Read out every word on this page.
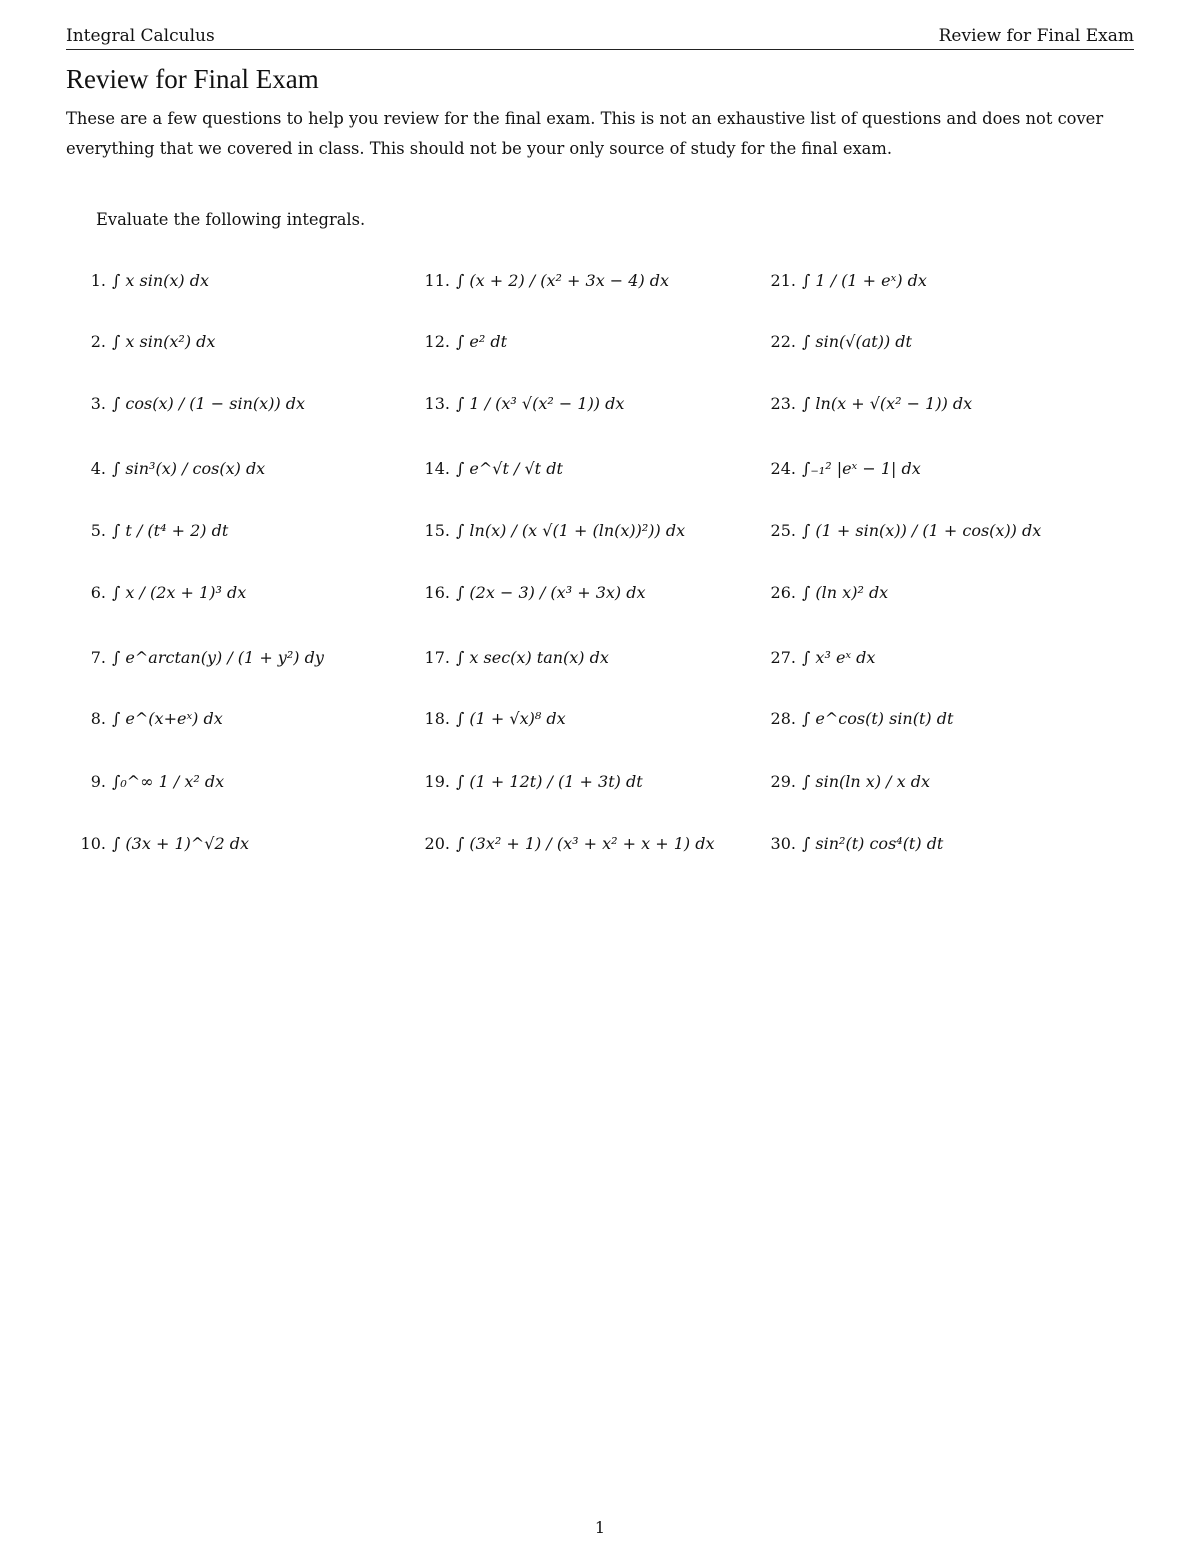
Integral Calculus	Review for Final Exam
Review for Final Exam
These are a few questions to help you review for the final exam. This is not an exhaustive list of questions and does not cover everything that we covered in class. This should not be your only source of study for the final exam.
Evaluate the following integrals.
1. ∫ x sin(x) dx
2. ∫ x sin(x²) dx
3. ∫ cos(x) / (1 − sin(x)) dx
4. ∫ sin³(x) / cos(x) dx
5. ∫ t / (t⁴ + 2) dt
6. ∫ x / (2x + 1)³ dx
7. ∫ e^arctan(y) / (1 + y²) dy
8. ∫ e^(x+eˣ) dx
9. ∫₀^∞ 1 / x² dx
10. ∫ (3x + 1)^√2 dx
11. ∫ (x + 2) / (x² + 3x − 4) dx
12. ∫ e² dt
13. ∫ 1 / (x³ √(x² − 1)) dx
14. ∫ e^√t / √t dt
15. ∫ ln(x) / (x √(1 + (ln(x))²)) dx
16. ∫ (2x − 3) / (x³ + 3x) dx
17. ∫ x sec(x) tan(x) dx
18. ∫ (1 + √x)⁸ dx
19. ∫ (1 + 12t) / (1 + 3t) dt
20. ∫ (3x² + 1) / (x³ + x² + x + 1) dx
21. ∫ 1 / (1 + eˣ) dx
22. ∫ sin(√(at)) dt
23. ∫ ln(x + √(x² − 1)) dx
24. ∫₋₁² |eˣ − 1| dx
25. ∫ (1 + sin(x)) / (1 + cos(x)) dx
26. ∫ (ln x)² dx
27. ∫ x³ eˣ dx
28. ∫ e^cos(t) sin(t) dt
29. ∫ sin(ln x) / x dx
30. ∫ sin²(t) cos⁴(t) dt
1
